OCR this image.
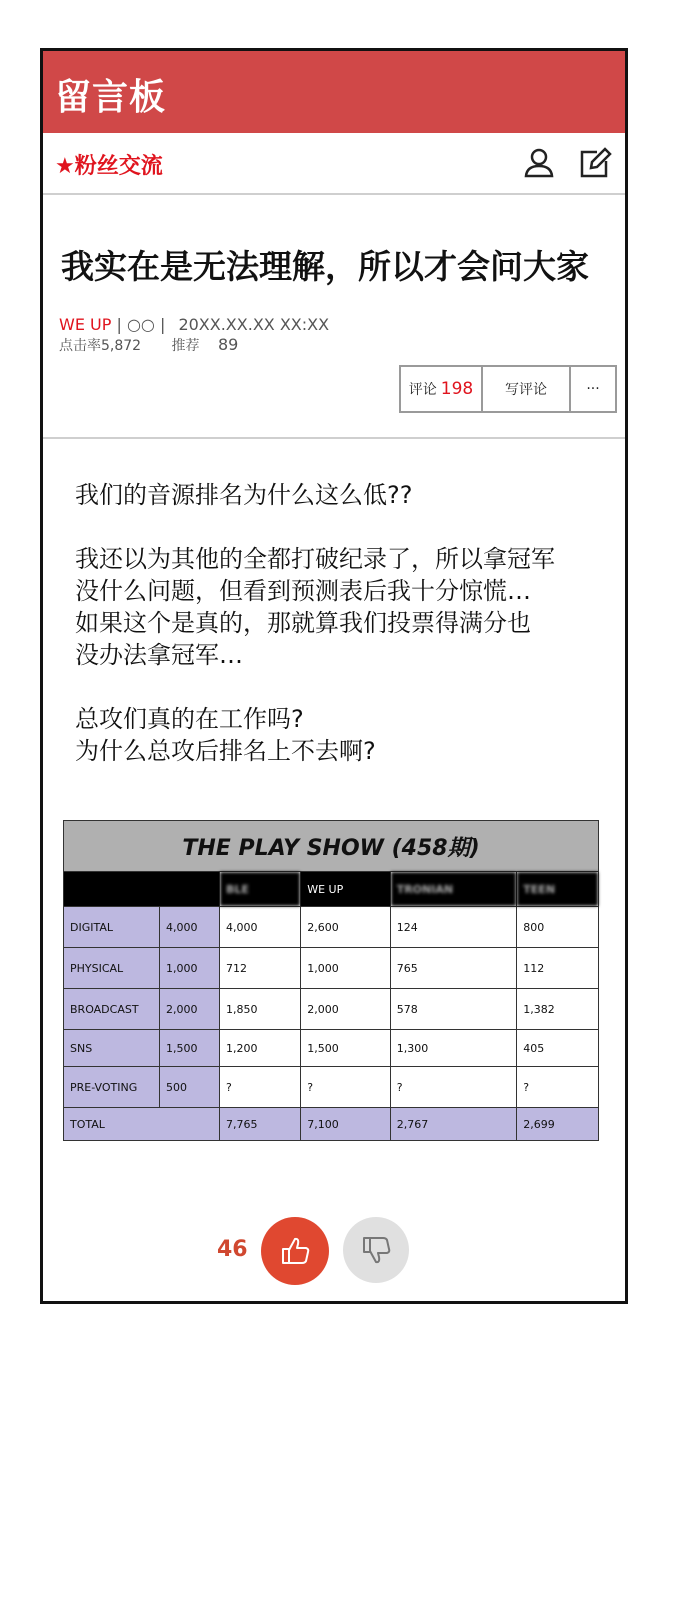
留言板
★粉丝交流
我实在是无法理解，所以才会问大家
WE UP | ○○ | 20XX.XX.XX XX:XX
点击率5,872 推荐 89
评论 198	写评论	···

我们的音源排名为什么这么低??

我还以为其他的全都打破纪录了，所以拿冠军
没什么问题，但看到预测表后我十分惊慌…
如果这个是真的，那就算我们投票得满分也
没办法拿冠军…

总攻们真的在工作吗?
为什么总攻后排名上不去啊?

THE PLAY SHOW (458期)					
		BLE	WE UP	TRONIAN	TEEN
DIGITAL	4,000	4,000	2,600	124	800
PHYSICAL	1,000	712	1,000	765	112
BROADCAST	2,000	1,850	2,000	578	1,382
SNS	1,500	1,200	1,500	1,300	405
PRE-VOTING	500	?	?	?	?
TOTAL		7,765	7,100	2,767	2,699
46
